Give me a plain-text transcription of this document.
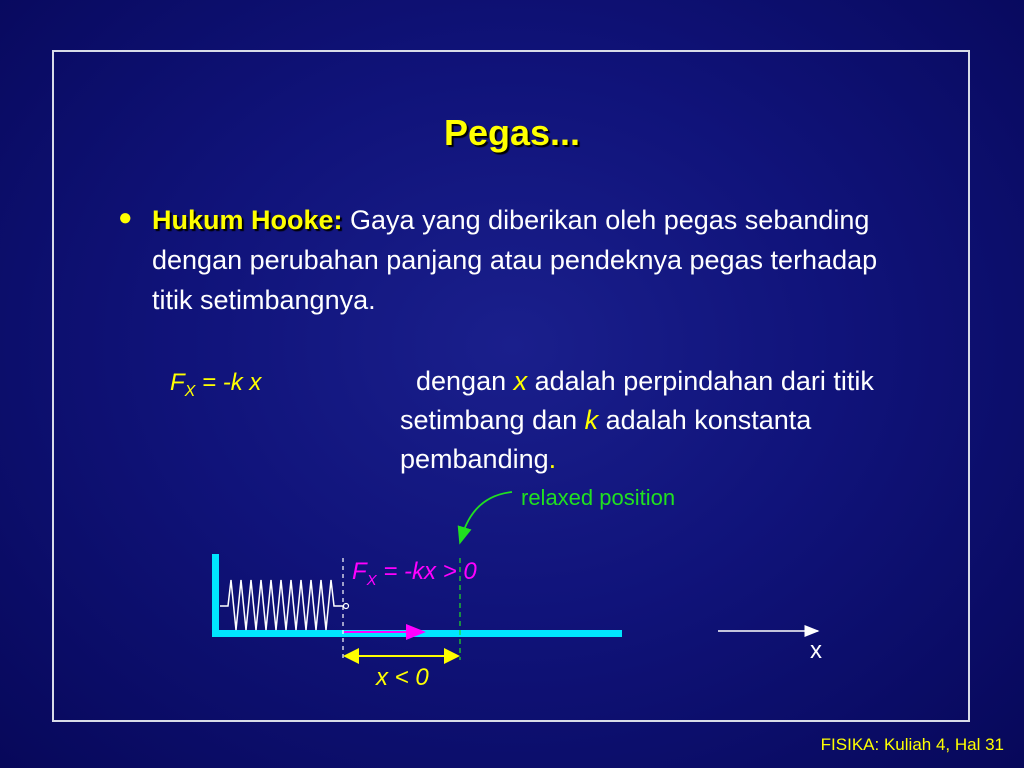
Pegas...
● Hukum Hooke: Gaya yang diberikan oleh pegas sebanding dengan perubahan panjang atau pendeknya pegas terhadap titik setimbangnya.
$F_X = -k$ x	dengan x adalah perpindahan dari titik setimbang dan k adalah konstanta pembanding.
relaxed position
$F_X = -kx > 0$
x < 0
x
FISIKA: Kuliah 4, Hal 31
